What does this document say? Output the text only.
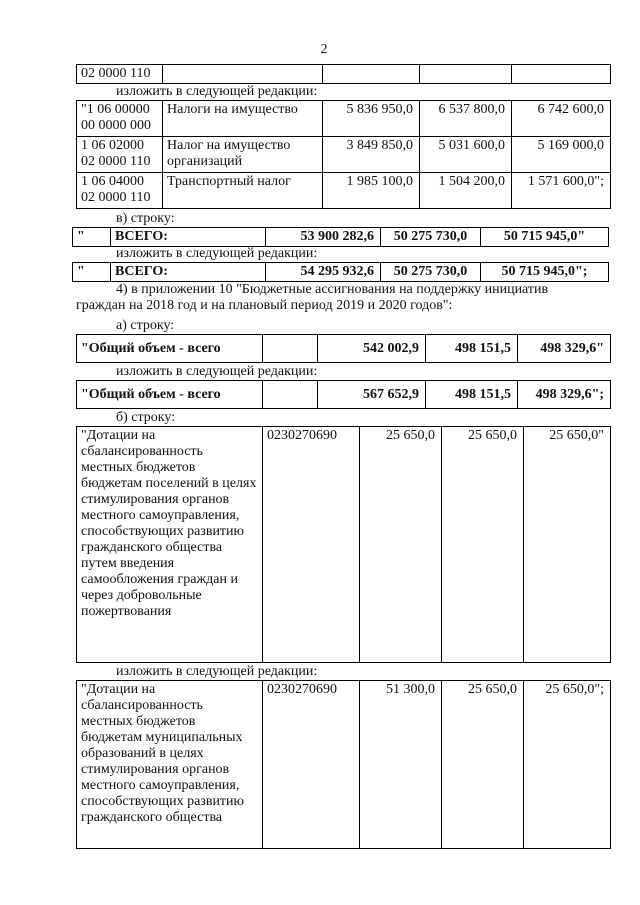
2
02 0000 110				
изложить в следующей редакции:
"1 06 00000 00 0000 000	Налоги на имущество	5 836 950,0	6 537 800,0	6 742 600,0
1 06 02000 02 0000 110	Налог на имущество организаций	3 849 850,0	5 031 600,0	5 169 000,0
1 06 04000 02 0000 110	Транспортный налог	1 985 100,0	1 504 200,0	1 571 600,0";
в) строку:
"	ВСЕГО:	53 900 282,6	50 275 730,0	50 715 945,0"
изложить в следующей редакции:
"	ВСЕГО:	54 295 932,6	50 275 730,0	50 715 945,0";
4) в приложении 10 "Бюджетные ассигнования на поддержку инициатив
граждан на 2018 год и на плановый период 2019 и 2020 годов":
а) строку:
"Общий объем - всего		542 002,9	498 151,5	498 329,6"
изложить в следующей редакции:
"Общий объем - всего		567 652,9	498 151,5	498 329,6";
б) строку:
"Дотации на сбалансированность местных бюджетов бюджетам поселений в целях стимулирования органов местного самоуправления, способствующих развитию гражданского общества путем введения самообложения граждан и через добровольные пожертвования	0230270690	25 650,0	25 650,0	25 650,0"
изложить в следующей редакции:
"Дотации на сбалансированность местных бюджетов бюджетам муниципальных образований в целях стимулирования органов местного самоуправления, способствующих развитию гражданского общества	0230270690	51 300,0	25 650,0	25 650,0";
